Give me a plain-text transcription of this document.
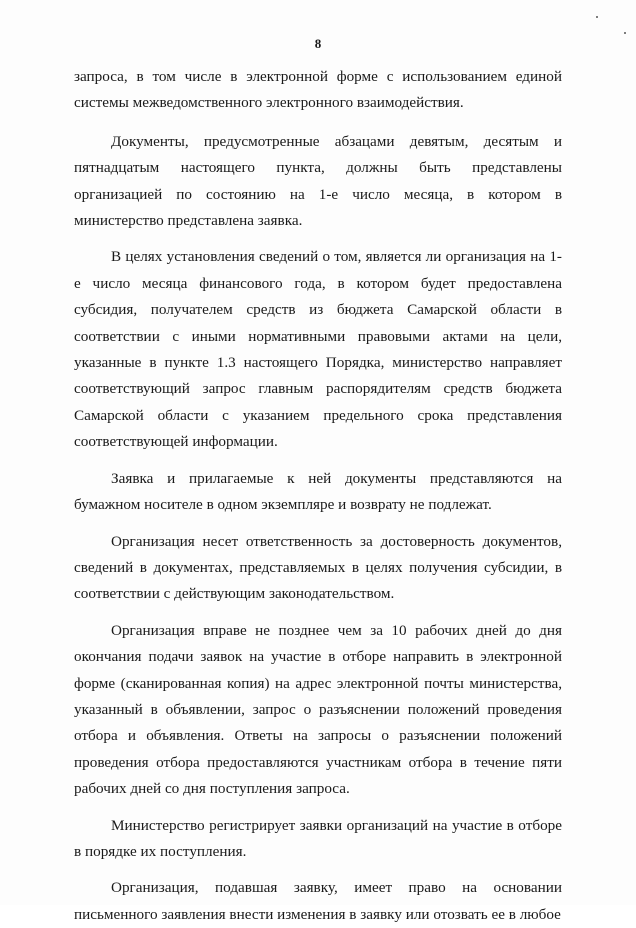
8

запроса, в том числе в электронной форме с использованием единой системы межведомственного электронного взаимодействия.

Документы, предусмотренные абзацами девятым, десятым и пятнадцатым настоящего пункта, должны быть представлены организацией по состоянию на 1-е число месяца, в котором в министерство представлена заявка.

В целях установления сведений о том, является ли организация на 1-е число месяца финансового года, в котором будет предоставлена субсидия, получателем средств из бюджета Самарской области в соответствии с иными нормативными правовыми актами на цели, указанные в пункте 1.3 настоящего Порядка, министерство направляет соответствующий запрос главным распорядителям средств бюджета Самарской области с указанием предельного срока представления соответствующей информации.

Заявка и прилагаемые к ней документы представляются на бумажном носителе в одном экземпляре и возврату не подлежат.

Организация несет ответственность за достоверность документов, сведений в документах, представляемых в целях получения субсидии, в соответствии с действующим законодательством.

Организация вправе не позднее чем за 10 рабочих дней до дня окончания подачи заявок на участие в отборе направить в электронной форме (сканированная копия) на адрес электронной почты министерства, указанный в объявлении, запрос о разъяснении положений проведения отбора и объявления. Ответы на запросы о разъяснении положений проведения отбора предоставляются участникам отбора в течение пяти рабочих дней со дня поступления запроса.

Министерство регистрирует заявки организаций на участие в отборе в порядке их поступления.

Организация, подавшая заявку, имеет право на основании письменного заявления внести изменения в заявку или отозвать ее в любое
